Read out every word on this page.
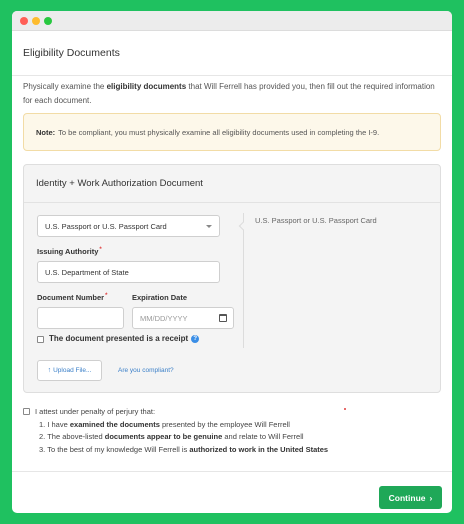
Eligibility Documents

Physically examine the eligibility documents that Will Ferrell has provided you, then fill out the required information for each document.

Note: To be compliant, you must physically examine all eligibility documents used in completing the I-9.
Identity + Work Authorization Document
U.S. Passport or U.S. Passport Card
U.S. Passport or U.S. Passport Card
Issuing Authority*
U.S. Department of State
Document Number*	Expiration Date
MM/DD/YYYY
The document presented is a receipt ?
↑ Upload File...	Are you compliant?
I attest under penalty of perjury that:
1. I have examined the documents presented by the employee Will Ferrell
2. The above-listed documents appear to be genuine and relate to Will Ferrell
3. To the best of my knowledge Will Ferrell is authorized to work in the United States
Continue ›
